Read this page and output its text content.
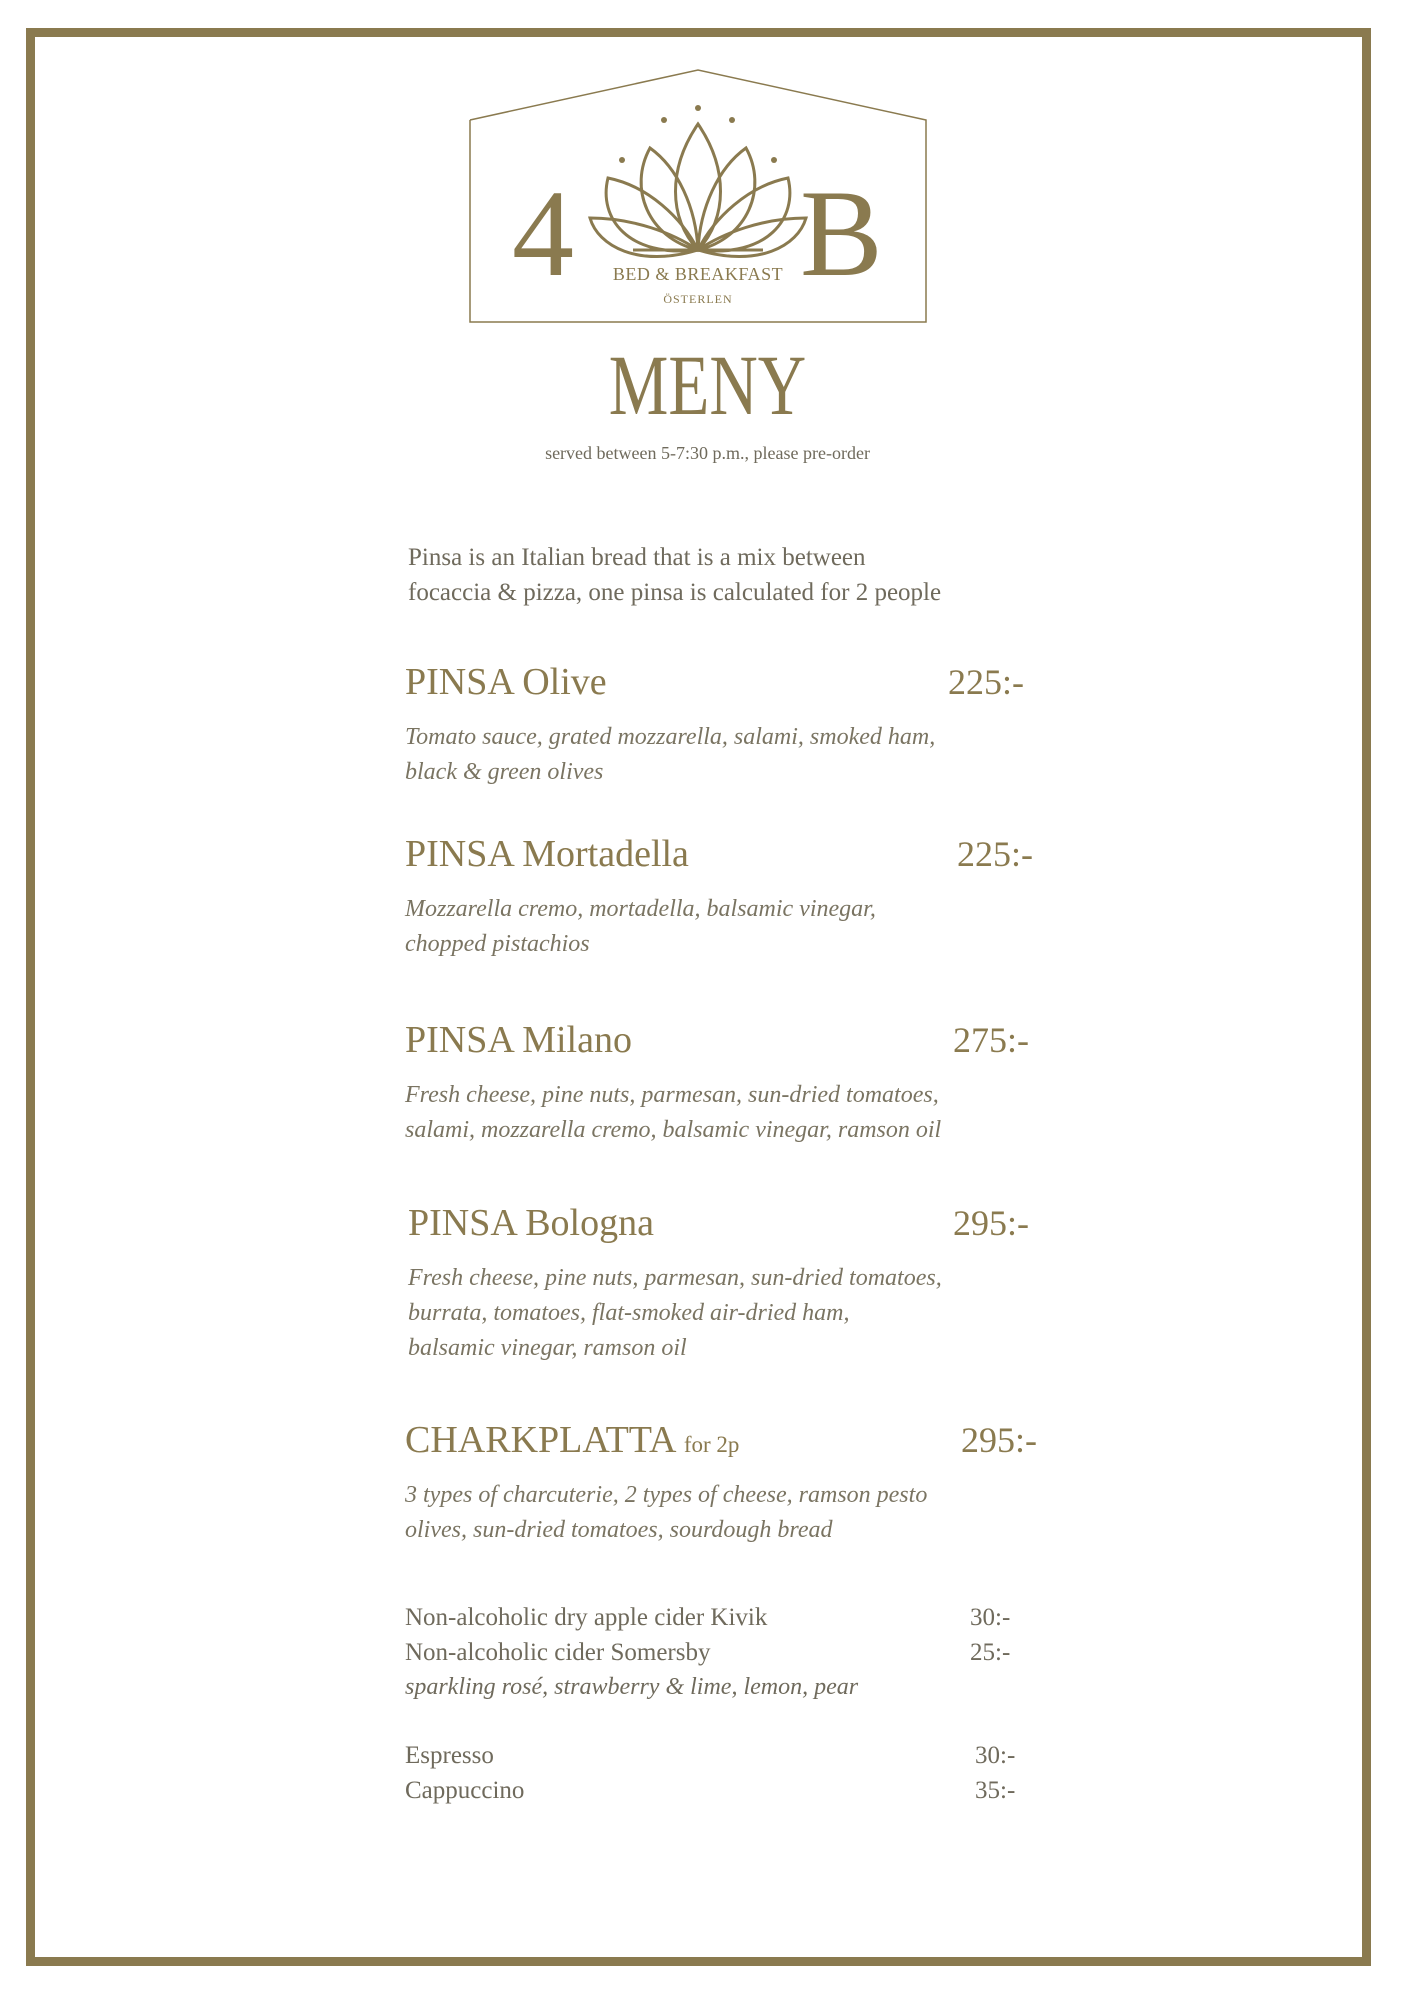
4 B
BED & BREAKFAST
ÖSTERLEN
MENY
served between 5-7:30 p.m., please pre-order
Pinsa is an Italian bread that is a mix between
focaccia & pizza, one pinsa is calculated for 2 people
PINSA Olive	225:-
Tomato sauce, grated mozzarella, salami, smoked ham,
black & green olives
PINSA Mortadella	225:-
Mozzarella cremo, mortadella, balsamic vinegar,
chopped pistachios
PINSA Milano	275:-
Fresh cheese, pine nuts, parmesan, sun-dried tomatoes,
salami, mozzarella cremo, balsamic vinegar, ramson oil
PINSA Bologna	295:-
Fresh cheese, pine nuts, parmesan, sun-dried tomatoes,
burrata, tomatoes, flat-smoked air-dried ham,
balsamic vinegar, ramson oil
CHARKPLATTA for 2p	295:-
3 types of charcuterie, 2 types of cheese, ramson pesto
olives, sun-dried tomatoes, sourdough bread
Non-alcoholic dry apple cider Kivik	30:-
Non-alcoholic cider Somersby	25:-
sparkling rosé, strawberry & lime, lemon, pear
Espresso	30:-
Cappuccino	35:-
